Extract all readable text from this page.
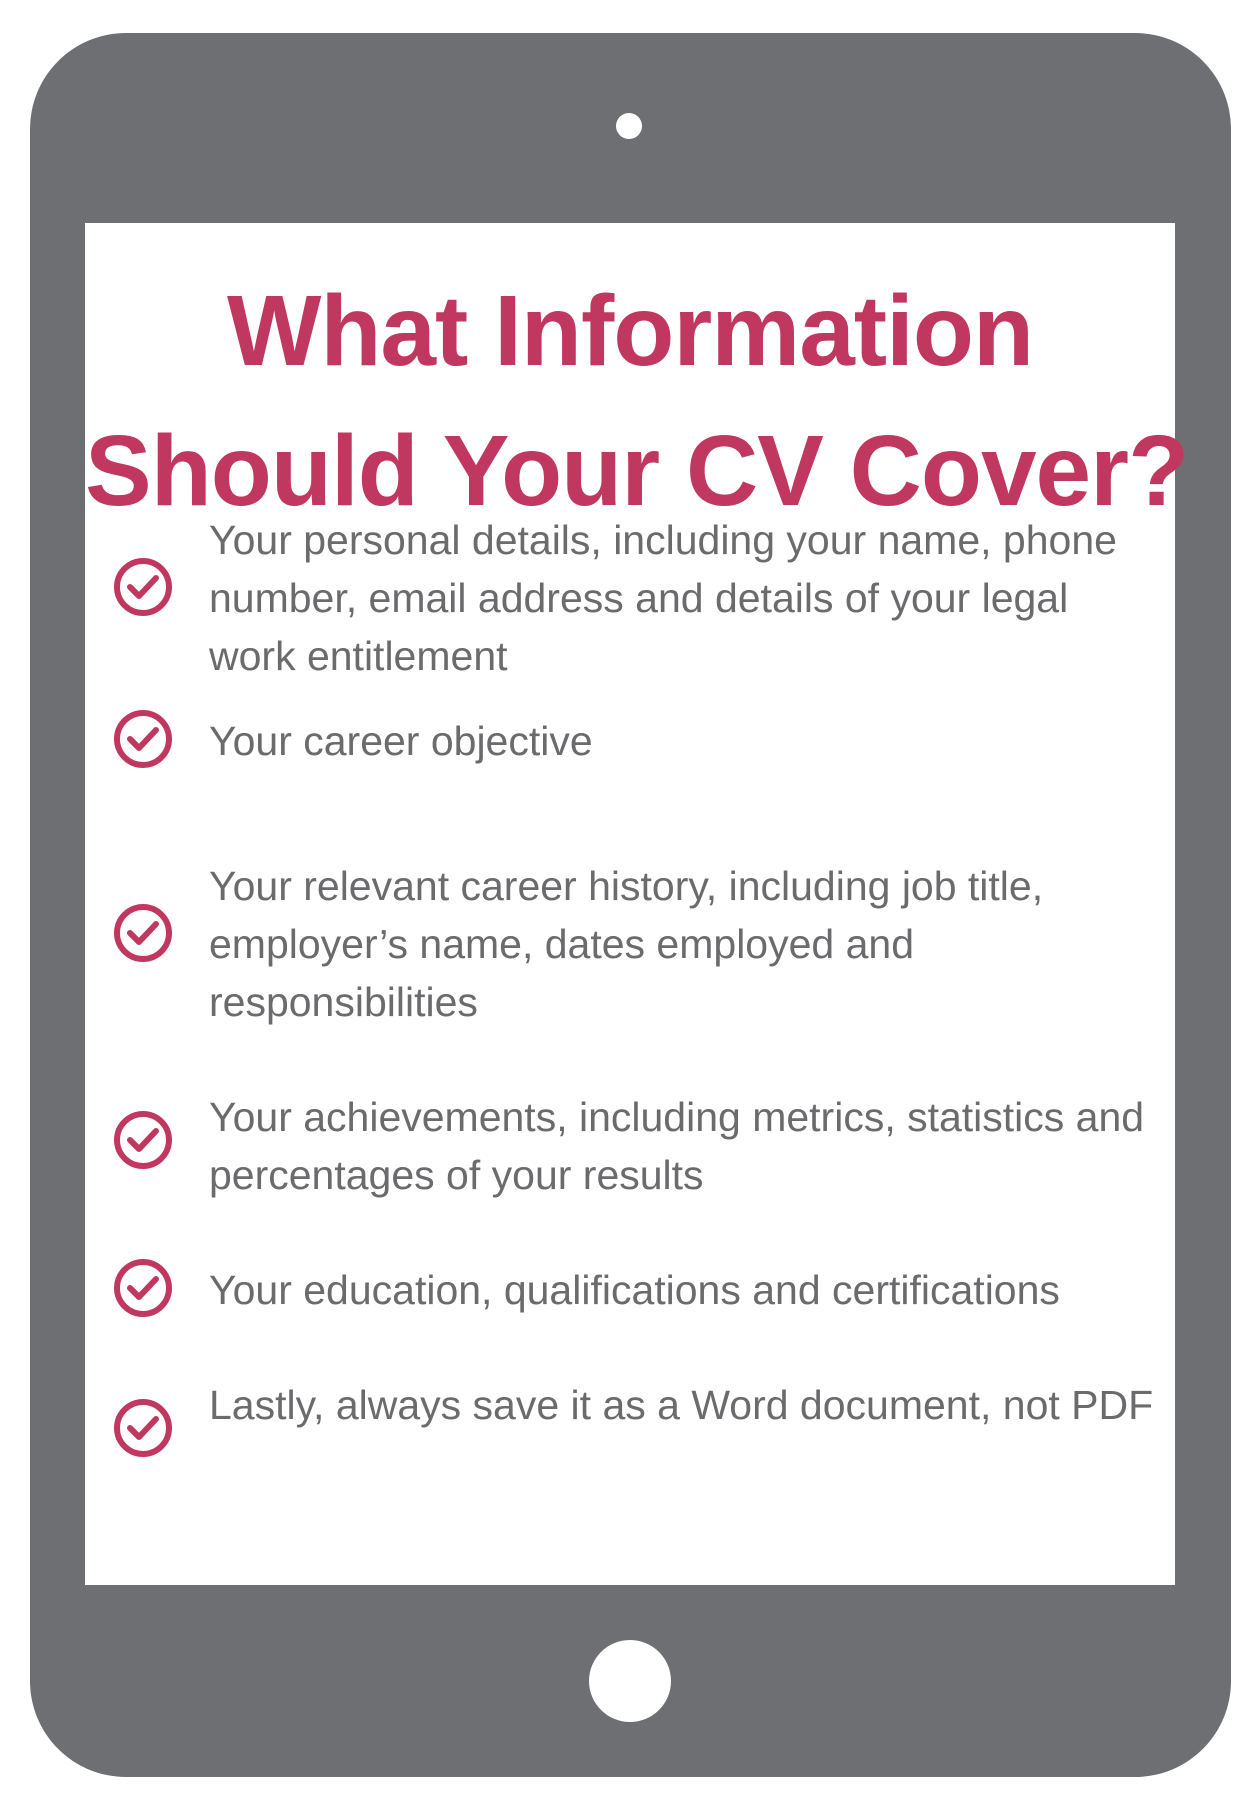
What Information
Should Your CV Cover?
Your personal details, including your name, phone number, email address and details of your legal work entitlement
Your career objective
Your relevant career history, including job title, employer’s name, dates employed and responsibilities
Your achievements, including metrics, statistics and percentages of your results
Your education, qualifications and certifications
Lastly, always save it as a Word document, not PDF
